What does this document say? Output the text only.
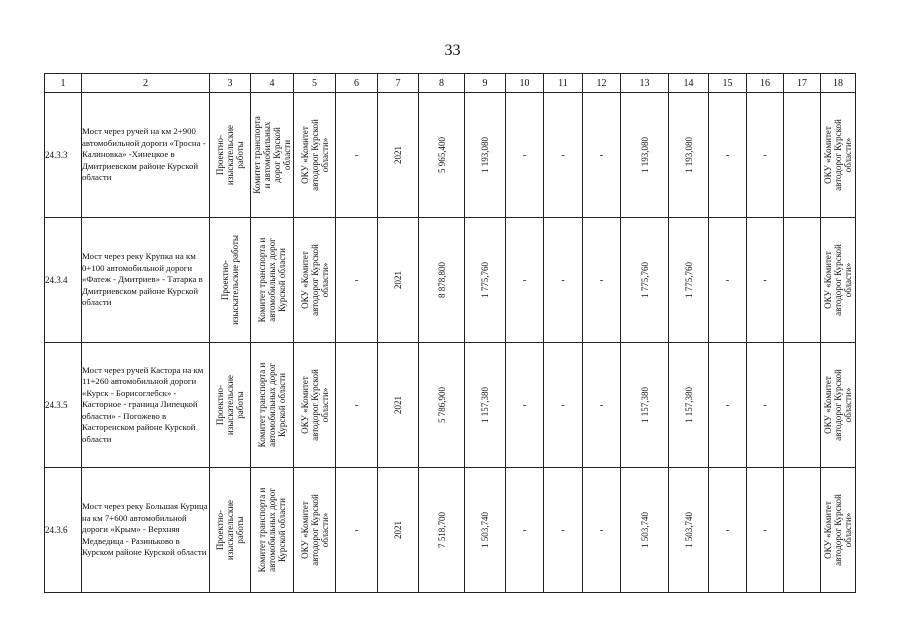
33
1	2	3	4	5	6	7	8	9	10	11	12	13	14	15	16	17	18
24.3.3	Мост через ручей на км 2+900 автомобильной дороги «Тросна - Калиновка» -Хинецкое в Дмитриевском районе Курской области	Проектно- изыскательские работы	Комитет транспорта и автомобильных дорог Курской области	ОКУ «Комитет автодорог Курской области»	-	2021	5 965,400	1 193,080	-	-	-	1 193,080	1 193,080	-	-		ОКУ «Комитет автодорог Курской области»

24.3.4	Мост через реку Крупка на км 0+100 автомобильной дороги «Фатеж - Дмитриев» - Татарка в Дмитриевском районе Курской области	Проектно- изыскательские работы	Комитет транспорта и автомобильных дорог Курской области	ОКУ «Комитет автодорог Курской области»	-	2021	8 878,800	1 775,760	-	-	-	1 775,760	1 775,760	-	-		ОКУ «Комитет автодорог Курской области»

24.3.5	Мост через ручей Кастора на км 11+260 автомобильной дороги «Курск - Борисоглебск» - Касторное - граница Липецкой области» - Погожево в Касторенском районе Курской области	Проектно- изыскательские работы	Комитет транспорта и автомобильных дорог Курской области	ОКУ «Комитет автодорог Курской области»	-	2021	5 786,900	1 157,380	-	-	-	1 157,380	1 157,380	-	-		ОКУ «Комитет автодорог Курской области»

24.3.6	Мост через реку Большая Курица на км 7+600 автомобильной дороги «Крым» - Верхняя Медведица - Разиньково в Курском районе Курской области	Проектно- изыскательские работы	Комитет транспорта и автомобильных дорог Курской области	ОКУ «Комитет автодорог Курской области»	-	2021	7 518,700	1 503,740	-	-	-	1 503,740	1 503,740	-	-		ОКУ «Комитет автодорог Курской области»
